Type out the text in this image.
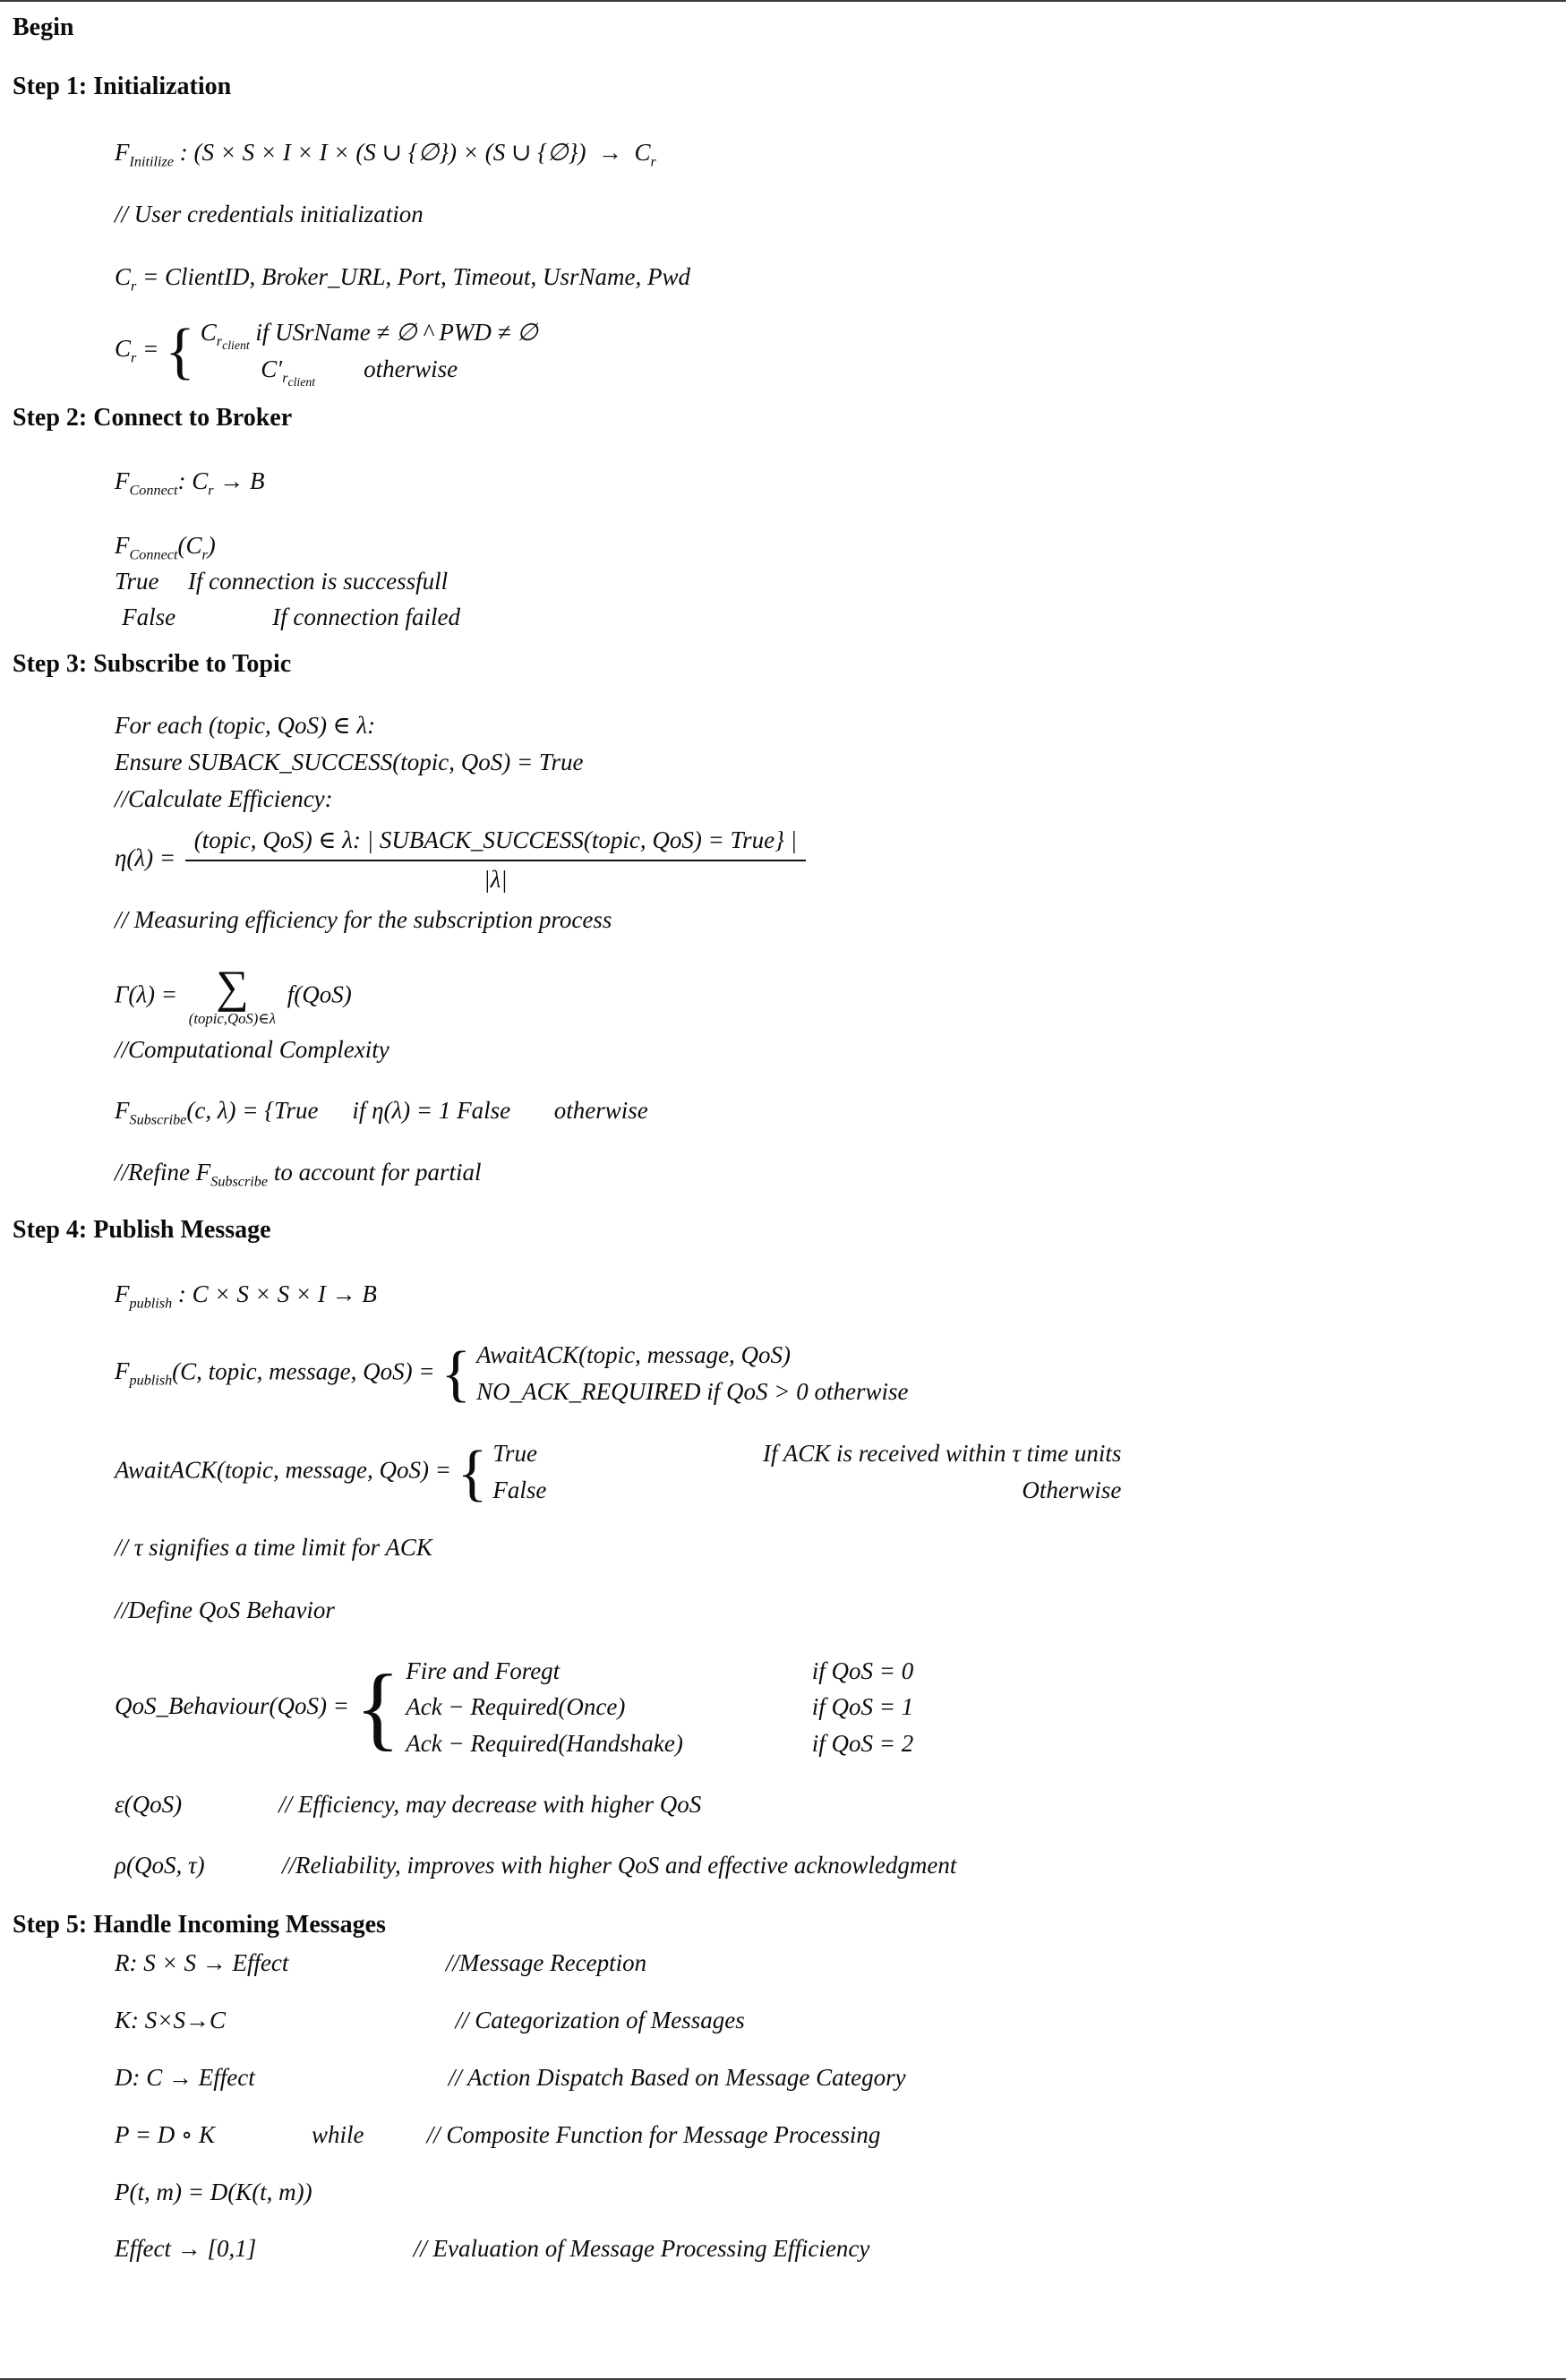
Begin
Step 1: Initialization
$F_{Initilize}$ : (S × S × I × I × (S ∪ {∅}) × (S ∪ {∅})  →  $C_r$
// User credentials initialization
$C_r$ = ClientID, Broker_URL, Port, Timeout, UsrName, Pwd
$C_r$ = { $C_{r_{client}}$ if USrName ≠ ∅ ^ PWD ≠ ∅
$C'_{r_{client}}otherwise$
Step 2: Connect to Broker
$F_{Connect}$: $C_r \to B$
$F_{Connect}(C_r)$
True If connection is successfull
False	If connection failed
Step 3: Subscribe to Topic
For each (topic, QoS) ∈ λ:
Ensure SUBACK_SUCCESS(topic, QoS) = True
//Calculate Efficiency:
$\eta(\lambda) = \frac{\text{(topic, QoS) ∈ λ: | SUBACK\_SUCCESS(topic, QoS) = True\} |}}{|\lambda|}$
// Measuring efficiency for the subscription process
Γ(λ) = ∑
(topic,QoS)∈λ
f(QoS)
//Computational Complexity
$F_{Subscribe}(c$, λ) = {True if η(λ) = 1 False otherwise
//Refine $F_{Subscribe}$ to account for partial
Step 4: Publish Message
$F_{publish}$ : C × S × S × I → B
$F_{publish}(C$, topic, message, QoS) = { AwaitACK(topic, message, QoS)
NO_ACK_REQUIRED if QoS > 0 otherwise
AwaitACK(topic, message, QoS) = { True	If ACK is received within τ time units
False	Otherwise
// τ signifies a time limit for ACK
//Define QoS Behavior
QoS_Behaviour(QoS) = { Fire and Foregt	if QoS = 0
Ack − Required(Once)	if QoS = 1
Ack − Required(Handshake)	if QoS = 2
ε(QoS)	// Efficiency, may decrease with higher QoS
ρ(QoS, τ)	//Reliability, improves with higher QoS and effective acknowledgment
Step 5: Handle Incoming Messages
R: S × S → Effect	//Message Reception
K: S×S→C	// Categorization of Messages
D: C → Effect	// Action Dispatch Based on Message Category
P = D ∘ K	while	// Composite Function for Message Processing
P(t, m) = D(K(t, m))
Effect → [0,1]	// Evaluation of Message Processing Efficiency
